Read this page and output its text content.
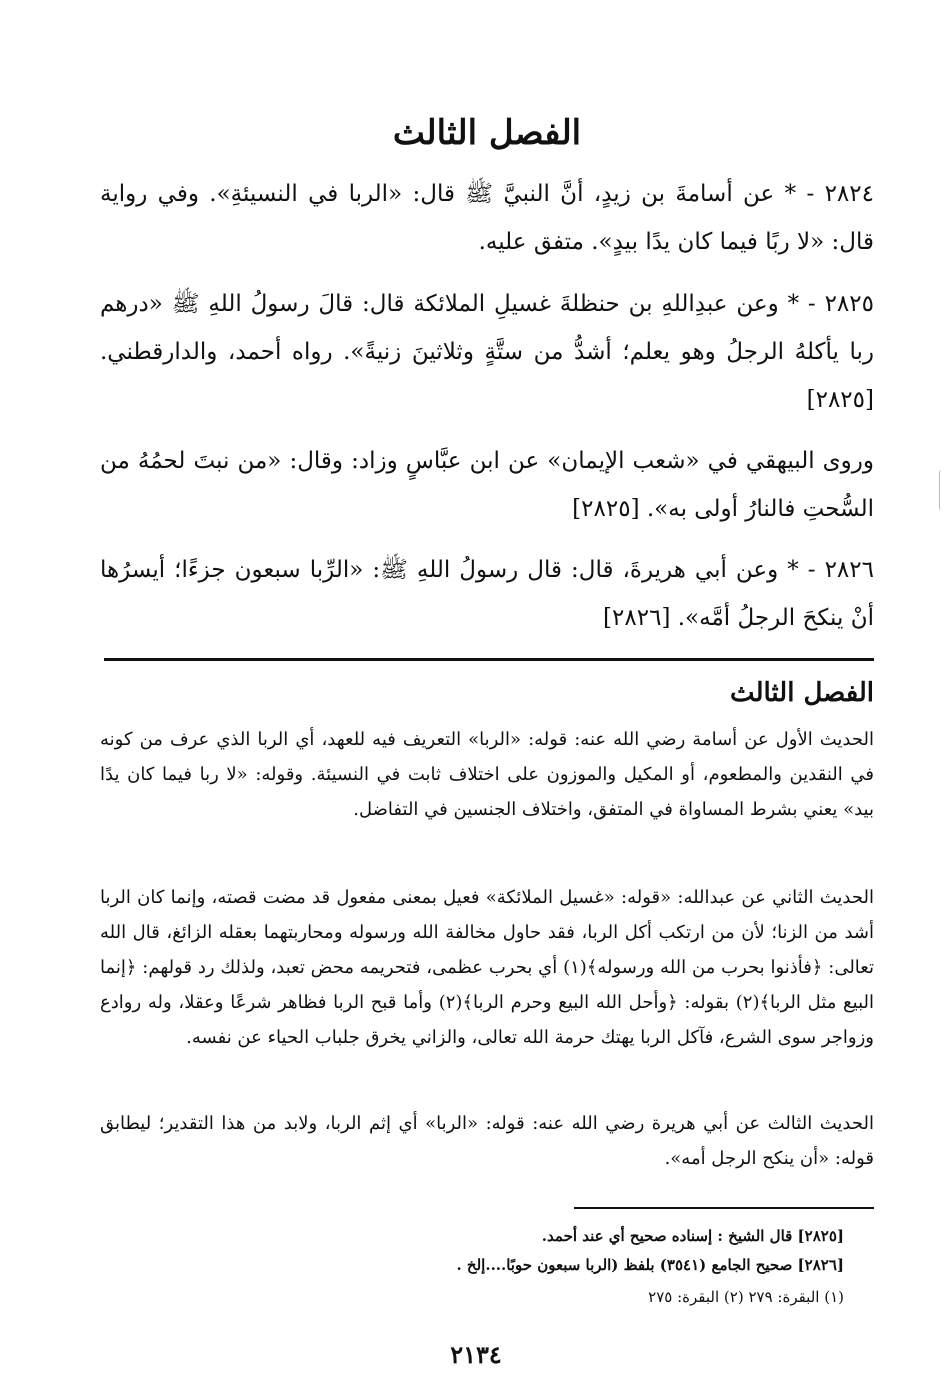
الفصل الثالث

٢٨٢٤ - * عن أسامةَ بن زيدٍ، أنَّ النبيَّ ﷺ قال: «الربا في النسيئةِ». وفي رواية قال: «لا ربًا فيما كان يدًا بيدٍ». متفق عليه.

٢٨٢٥ - * وعن عبدِاللهِ بن حنظلةَ غسيلِ الملائكة قال: قالَ رسولُ اللهِ ﷺ «درهم ربا يأكلهُ الرجلُ وهو يعلم؛ أشدُّ من ستَّةٍ وثلاثينَ زنيةً». رواه أحمد، والدارقطني. [٢٨٢٥]

وروى البيهقي في «شعب الإيمان» عن ابن عبَّاسٍ وزاد: وقال: «من نبتَ لحمُهُ من السُّحتِ فالنارُ أولى به». [٢٨٢٥]

٢٨٢٦ - * وعن أبي هريرةَ، قال: قال رسولُ اللهِ ﷺ: «الرِّبا سبعون جزءًا؛ أيسرُها أنْ ينكحَ الرجلُ أمَّه». [٢٨٢٦]

الفصل الثالث

الحديث الأول عن أسامة رضي الله عنه: قوله: «الربا» التعريف فيه للعهد، أي الربا الذي عرف من كونه في النقدين والمطعوم، أو المكيل والموزون على اختلاف ثابت في النسيئة. وقوله: «لا ربا فيما كان يدًا بيد» يعني بشرط المساواة في المتفق، واختلاف الجنسين في التفاضل.

الحديث الثاني عن عبدالله: «قوله: «غسيل الملائكة» فعيل بمعنى مفعول قد مضت قصته، وإنما كان الربا أشد من الزنا؛ لأن من ارتكب أكل الربا، فقد حاول مخالفة الله ورسوله ومحاربتهما بعقله الزائغ، قال الله تعالى: ﴿فأذنوا بحرب من الله ورسوله﴾(١) أي بحرب عظمى، فتحريمه محض تعبد، ولذلك رد قولهم: ﴿إنما البيع مثل الربا﴾(٢) بقوله: ﴿وأحل الله البيع وحرم الربا﴾(٢) وأما قبح الربا فظاهر شرعًا وعقلا، وله روادع وزواجر سوى الشرع، فآكل الربا يهتك حرمة الله تعالى، والزاني يخرق جلباب الحياء عن نفسه.

الحديث الثالث عن أبي هريرة رضي الله عنه: قوله: «الربا» أي إثم الربا، ولابد من هذا التقدير؛ ليطابق قوله: «أن ينكح الرجل أمه».

[٢٨٢٥] قال الشيخ : إسناده صحيح أي عند أحمد.

[٢٨٢٦] صحيح الجامع (٣٥٤١) بلفظ (الربا سبعون حوبًا....إلخ .

(١) البقرة: ٢٧٩ (٢) البقرة: ٢٧٥

٢١٣٤
